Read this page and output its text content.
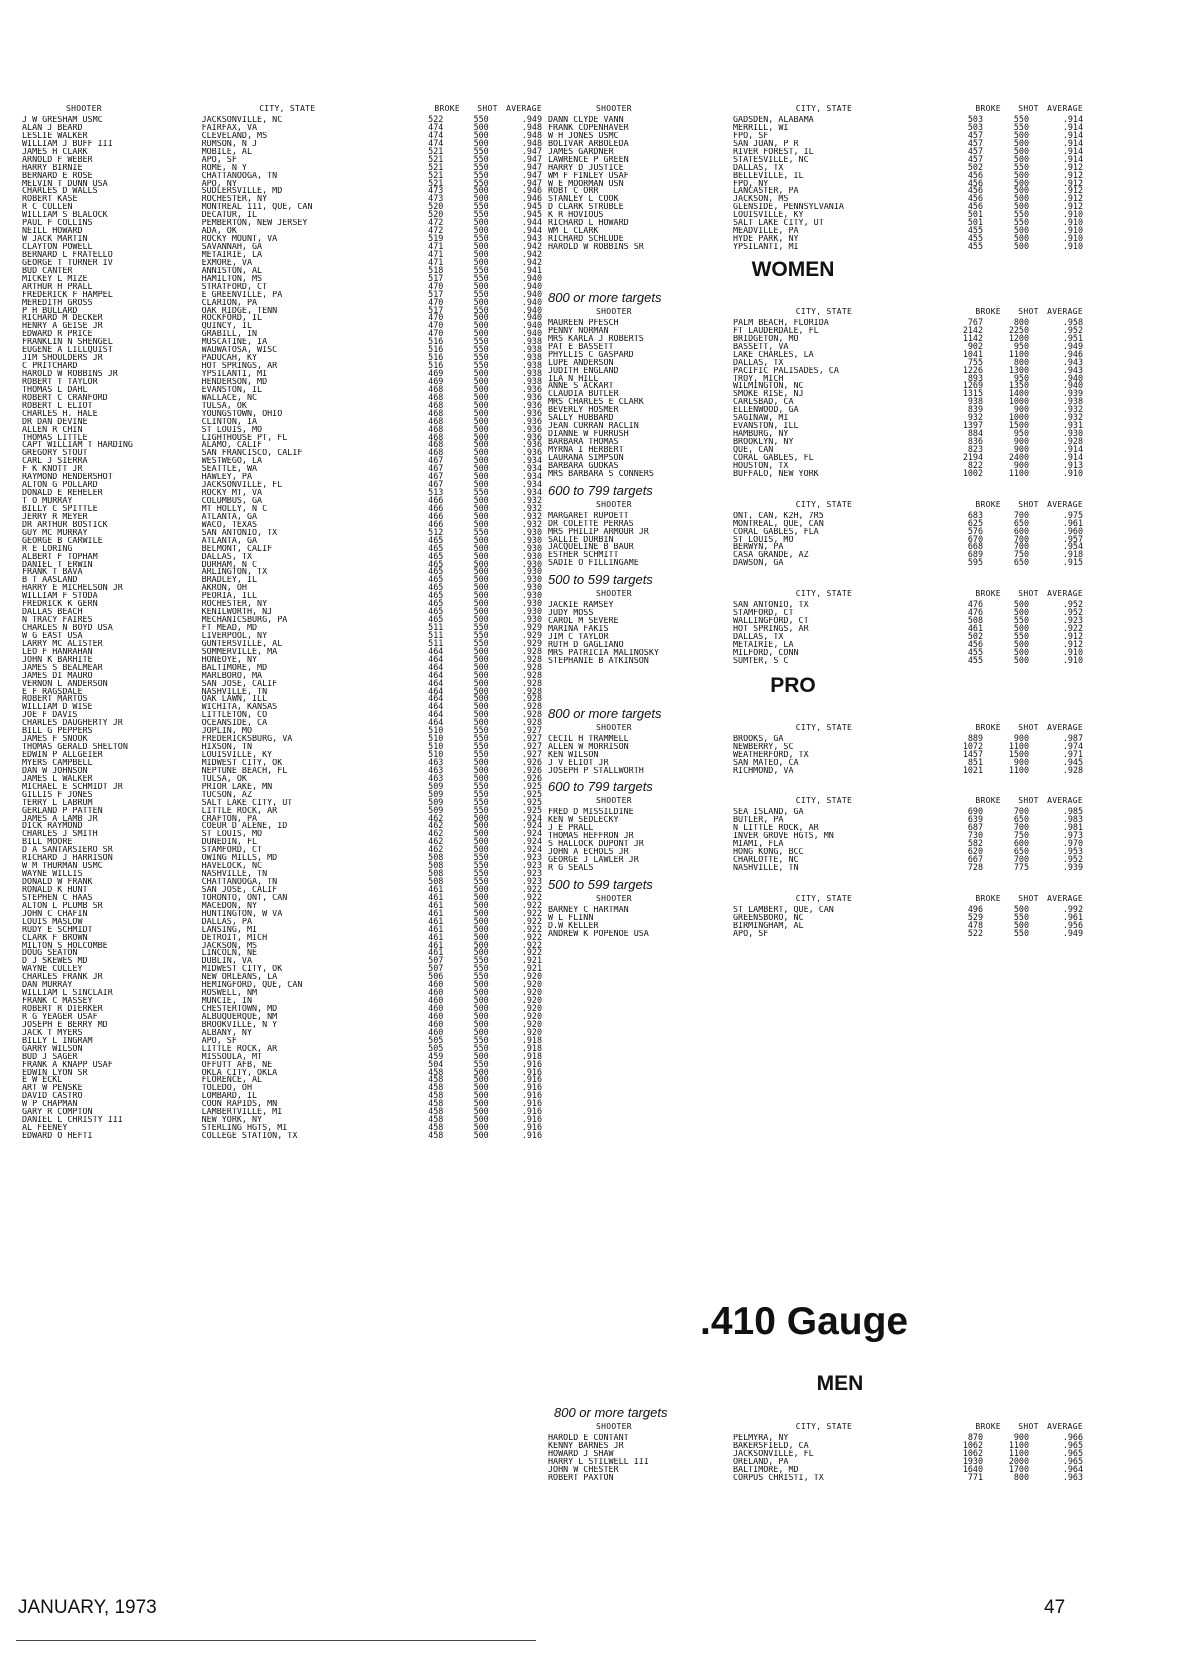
SHOOTER	CITY, STATE	BROKE	SHOT	AVERAGE
J W GRESHAM USMC	JACKSONVILLE, NC	522	550	.949
ALAN J BEARD	FAIRFAX, VA	474	500	.948
LESLIE WALKER	CLEVELAND, MS	474	500	.948
WILLIAM J BUFF III	RUMSON, N J	474	500	.948
JAMES H CLARK	MOBILE, AL	521	550	.947
ARNOLD F WEBER	APO, SF	521	550	.947
HARRY BIRNIE	ROME, N Y	521	550	.947
BERNARD E ROSE	CHATTANOOGA, TN	521	550	.947
MELVIN T DUNN USA	APO, NY	521	550	.947
CHARLES D WALLS	SUDLERSVILLE, MD	473	500	.946
ROBERT KASE	ROCHESTER, NY	473	500	.946
R C CULLEN	MONTREAL 111, QUE, CAN	520	550	.945
WILLIAM S BLALOCK	DECATUR, IL	520	550	.945
PAUL F COLLINS	PEMBERTON, NEW JERSEY	472	500	.944
NEILL HOWARD	ADA, OK	472	500	.944
W JACK MARTIN	ROCKY MOUNT, VA	519	550	.943
CLAYTON POWELL	SAVANNAH, GA	471	500	.942
BERNARD L FRATELLO	METAIRIE, LA	471	500	.942
GEORGE T TURNER IV	EXMORE, VA	471	500	.942
BUD CANTER	ANNISTON, AL	518	550	.941
MICKEY L MIZE	HAMILTON, MS	517	550	.940
ARTHUR H PRALL	STRATFORD, CT	470	500	.940
FREDERICK F HAMPEL	E GREENVILLE, PA	517	550	.940
MEREDITH GROSS	CLARION, PA	470	500	.940
P H BULLARD	OAK RIDGE, TENN	517	550	.940
RICHARD M DECKER	ROCKFORD, IL	470	500	.940
HENRY A GEISE JR	QUINCY, IL	470	500	.940
EDWARD R PRICE	GRABILL, IN	470	500	.940
FRANKLIN N SHENGEL	MUSCATINE, IA	516	550	.938
EUGENE A LILLQUIST	WAUWATOSA, WISC	516	550	.938
JIM SHOULDERS JR	PADUCAH, KY	516	550	.938
C PRITCHARD	HOT SPRINGS, AR	516	550	.938
HAROLD W ROBBINS JR	YPSILANTI, MI	469	500	.938
ROBERT T TAYLOR	HENDERSON, MD	469	500	.938
THOMAS L DAHL	EVANSTON, IL	468	500	.936
ROBERT C CRANFORD	WALLACE, NC	468	500	.936
ROBERT L ELIOT	TULSA, OK	468	500	.936
CHARLES H. HALE	YOUNGSTOWN, OHIO	468	500	.936
DR DAN DEVINE	CLINTON, IA	468	500	.936
ALLEN R CHIN	ST LOUIS, MO	468	500	.936
THOMAS LITTLE	LIGHTHOUSE PT, FL	468	500	.936
CAPT WILLIAM T HARDING	ALAMO, CALIF	468	500	.936
GREGORY STOUT	SAN FRANCISCO, CALIF	468	500	.936
CARL J SIERRA	WESTWEGO, LA	467	500	.934
F K KNOTT JR	SEATTLE, WA	467	500	.934
RAYMOND HENDERSHOT	HAWLEY, PA	467	500	.934
ALTON G POLLARD	JACKSONVILLE, FL	467	500	.934
DONALD E REHELER	ROCKY MT, VA	513	550	.934
T O MURRAY	COLUMBUS, GA	466	500	.932
BILLY C SPITTLE	MT HOLLY, N C	466	500	.932
JERRY R MEYER	ATLANTA, GA	466	500	.932
DR ARTHUR BOSTICK	WACO, TEXAS	466	500	.932
GUY MC MURRAY	SAN ANTONIO, TX	512	550	.930
GEORGE B CARWILE	ATLANTA, GA	465	500	.930
R E LORING	BELMONT, CALIF	465	500	.930
ALBERT F TOPHAM	DALLAS, TX	465	500	.930
DANIEL T ERWIN	DURHAM, N C	465	500	.930
FRANK T BAVA	ARLINGTON, TX	465	500	.930
B T AASLAND	BRADLEY, IL	465	500	.930
HARRY E MICHELSON JR	AKRON, OH	465	500	.930
WILLIAM F STODA	PEORIA, ILL	465	500	.930
FREDRICK K GERN	ROCHESTER, NY	465	500	.930
DALLAS BEACH	KENILWORTH, NJ	465	500	.930
N TRACY FAIRES	MECHANICSBURG, PA	465	500	.930
CHARLES N BOYD USA	FT MEAD, MD	511	550	.929
W G EAST USA	LIVERPOOL, NY	511	550	.929
LARRY MC ALISTER	GUNTERSVILLE, AL	511	550	.929
LEO F HANRAHAN	SOMMERVILLE, MA	464	500	.928
JOHN K BARHITE	HONEOYE, NY	464	500	.928
JAMES S BEALMEAR	BALTIMORE, MD	464	500	.928
JAMES DI MAURO	MARLBORO, MA	464	500	.928
VERNON L ANDERSON	SAN JOSE, CALIF	464	500	.928
E F RAGSDALE	NASHVILLE, TN	464	500	.928
ROBERT MARTOS	OAK LAWN, ILL	464	500	.928
WILLIAM D WISE	WICHITA, KANSAS	464	500	.928
JOE F DAVIS	LITTLETON, CO	464	500	.928
CHARLES DAUGHERTY JR	OCEANSIDE, CA	464	500	.928
BILL G PEPPERS	JOPLIN, MO	510	550	.927
JAMES F SNOOK	FREDERICKSBURG, VA	510	550	.927
THOMAS GERALD SHELTON	HIXSON, TN	510	550	.927
EDWIN P ALLGEIER	LOUISVILLE, KY	510	550	.927
MYERS CAMPBELL	MIDWEST CITY, OK	463	500	.926
DAN W JOHNSON	NEPTUNE BEACH, FL	463	500	.926
JAMES L WALKER	TULSA, OK	463	500	.926
MICHAEL E SCHMIDT JR	PRIOR LAKE, MN	509	550	.925
GILLIS F JONES	TUCSON, AZ	509	550	.925
TERRY L LABRUM	SALT LAKE CITY, UT	509	550	.925
GERLAND P PATTEN	LITTLE ROCK, AR	509	550	.925
JAMES A LAMB JR	CRAFTON, PA	462	500	.924
DICK RAYMOND	COEUR D ALENE, ID	462	500	.924
CHARLES J SMITH	ST LOUIS, MO	462	500	.924
BILL MOORE	DUNEDIN, FL	462	500	.924
D A SANTARSIERO SR	STAMFORD, CT	462	500	.924
RICHARD J HARRISON	OWING MILLS, MD	508	550	.923
W M THURMAN USMC	HAVELOCK, NC	508	550	.923
WAYNE WILLIS	NASHVILLE, TN	508	550	.923
DONALD W FRANK	CHATTANOOGA, TN	508	550	.923
RONALD K HUNT	SAN JOSE, CALIF	461	500	.922
STEPHEN C HAAS	TORONTO, ONT, CAN	461	500	.922
ALTON L PLUMB SR	MACEDON, NY	461	500	.922
JOHN C CHAFIN	HUNTINGTON, W VA	461	500	.922
LOUIS MASLOW	DALLAS, PA	461	500	.922
RUDY E SCHMIDT	LANSING, MI	461	500	.922
CLARK F BROWN	DETROIT, MICH	461	500	.922
MILTON S HOLCOMBE	JACKSON, MS	461	500	.922
DOUG SEATON	LINCOLN, NE	461	500	.922
D J SKEWES MD	DUBLIN, VA	507	550	.921
WAYNE CULLEY	MIDWEST CITY, OK	507	550	.921
CHARLES FRANK JR	NEW ORLEANS, LA	506	550	.920
DAN MURRAY	HEMINGFORD, QUE, CAN	460	500	.920
WILLIAM L SINCLAIR	ROSWELL, NM	460	500	.920
FRANK C MASSEY	MUNCIE, IN	460	500	.920
ROBERT R DIERKER	CHESTERTOWN, MD	460	500	.920
R G YEAGER USAF	ALBUQUERQUE, NM	460	500	.920
JOSEPH E BERRY MD	BROOKVILLE, N Y	460	500	.920
JACK T MYERS	ALBANY, NY	460	500	.920
BILLY L INGRAM	APO, SF	505	550	.918
GARRY WILSON	LITTLE ROCK, AR	505	550	.918
BUD J SAGER	MISSOULA, MT	459	500	.918
FRANK A KNAPP USAF	OFFUTT AFB, NE	504	550	.916
EDWIN LYON SR	OKLA CITY, OKLA	458	500	.916
E W ECKL	FLORENCE, AL	458	500	.916
ART W PENSKE	TOLEDO, OH	458	500	.916
DAVID CASTRO	LOMBARD, IL	458	500	.916
W P CHAPMAN	COON RAPIDS, MN	458	500	.916
GARY R COMPTON	LAMBERTVILLE, MI	458	500	.916
DANIEL L CHRISTY III	NEW YORK, NY	458	500	.916
AL FEENEY	STERLING HGTS, MI	458	500	.916
EDWARD O HEFTI	COLLEGE STATION, TX	458	500	.916
SHOOTER	CITY, STATE	BROKE	SHOT	AVERAGE
DANN CLYDE VANN	GADSDEN, ALABAMA	503	550	.914
FRANK COPENHAVER	MERRILL, WI	503	550	.914
W H JONES USMC	FPO, SF	457	500	.914
BOLIVAR ARBOLEDA	SAN JUAN, P R	457	500	.914
JAMES GARDNER	RIVER FOREST, IL	457	500	.914
LAWRENCE P GREEN	STATESVILLE, NC	457	500	.914
HARRY D JUSTICE	DALLAS, TX	502	550	.912
WM F FINLEY USAF	BELLEVILLE, IL	456	500	.912
W E MOORMAN USN	FPO, NY	456	500	.912
ROBT C ORR	LANCASTER, PA	456	500	.912
STANLEY L COOK	JACKSON, MS	456	500	.912
D CLARK STRUBLE	GLENSIDE, PENNSYLVANIA	456	500	.912
K R HOVIOUS	LOUISVILLE, KY	501	550	.910
RICHARD L HOWARD	SALT LAKE CITY, UT	501	550	.910
WM L CLARK	MEADVILLE, PA	455	500	.910
RICHARD SCHLUDE	HYDE PARK, NY	455	500	.910
HAROLD W ROBBINS SR	YPSILANTI, MI	455	500	.910
WOMEN
800 or more targets
SHOOTER	CITY, STATE	BROKE	SHOT	AVERAGE
MAUREEN PFESCH	PALM BEACH, FLORIDA	767	800	.958
PENNY NORMAN	FT LAUDERDALE, FL	2142	2250	.952
MRS KARLA J ROBERTS	BRIDGETON, MO	1142	1200	.951
PAT E BASSETT	BASSETT, VA	902	950	.949
PHYLLIS C GASPARD	LAKE CHARLES, LA	1041	1100	.946
LUPE ANDERSON	DALLAS, TX	755	800	.943
JUDITH ENGLAND	PACIFIC PALISADES, CA	1226	1300	.943
ILA N HILL	TROY, MICH	893	950	.940
ANNE S ACKART	WILMINGTON, NC	1269	1350	.940
CLAUDIA BUTLER	SMOKE RISE, NJ	1315	1400	.939
MRS CHARLES E CLARK	CARLSBAD, CA	938	1000	.938
BEVERLY HOSMER	ELLENWOOD, GA	839	900	.932
SALLY HUBBARD	SAGINAW, MI	932	1000	.932
JEAN CURRAN RACLIN	EVANSTON, ILL	1397	1500	.931
DIANNE W FURRUSH	HAMBURG, NY	884	950	.930
BARBARA THOMAS	BROOKLYN, NY	836	900	.928
MYRNA I HERBERT	QUE, CAN	823	900	.914
LAURANA SIMPSON	CORAL GABLES, FL	2194	2400	.914
BARBARA GUOKAS	HOUSTON, TX	822	900	.913
MRS BARBARA S CONNERS	BUFFALO, NEW YORK	1002	1100	.910
600 to 799 targets
SHOOTER	CITY, STATE	BROKE	SHOT	AVERAGE
MARGARET RUPOETT	ONT, CAN, K2H, 7R5	683	700	.975
DR COLETTE PERRAS	MONTREAL, QUE, CAN	625	650	.961
MRS PHILIP ARMOUR JR	CORAL GABLES, FLA	576	600	.960
SALLIE DURBIN	ST LOUIS, MO	670	700	.957
JACQUELINE B BAUR	BERWYN, PA	668	700	.954
ESTHER SCHMITT	CASA GRANDE, AZ	689	750	.918
SADIE O FILLINGAME	DAWSON, GA	595	650	.915
500 to 599 targets
SHOOTER	CITY, STATE	BROKE	SHOT	AVERAGE
JACKIE RAMSEY	SAN ANTONIO, TX	476	500	.952
JUDY MOSS	STAMFORD, CT	476	500	.952
CAROL M SEVERE	WALLINGFORD, CT	508	550	.923
MARINA FAKIS	HOT SPRINGS, AR	461	500	.922
JIM C TAYLOR	DALLAS, TX	502	550	.912
RUTH D GAGLIANO	METAIRIE, LA	456	500	.912
MRS PATRICIA MALINOSKY	MILFORD, CONN	455	500	.910
STEPHANIE B ATKINSON	SUMTER, S C	455	500	.910
PRO
800 or more targets
SHOOTER	CITY, STATE	BROKE	SHOT	AVERAGE
CECIL H TRAMMELL	BROOKS, GA	889	900	.987
ALLEN W MORRISON	NEWBERRY, SC	1072	1100	.974
KEN WILSON	WEATHERFORD, TX	1457	1500	.971
J V ELIOT JR	SAN MATEO, CA	851	900	.945
JOSEPH P STALLWORTH	RICHMOND, VA	1021	1100	.928
600 to 799 targets
SHOOTER	CITY, STATE	BROKE	SHOT	AVERAGE
FRED D MISSILDINE	SEA ISLAND, GA	690	700	.985
KEN W SEDLECKY	BUTLER, PA	639	650	.983
J E PRALL	N LITTLE ROCK, AR	687	700	.981
THOMAS HEFFRON JR	INVER GROVE HGTS, MN	730	750	.973
S HALLOCK DUPONT JR	MIAMI, FLA	582	600	.970
JOHN A ECHOLS JR	HONG KONG, BCC	620	650	.953
GEORGE J LAWLER JR	CHARLOTTE, NC	667	700	.952
R G SEALS	NASHVILLE, TN	728	775	.939
500 to 599 targets
SHOOTER	CITY, STATE	BROKE	SHOT	AVERAGE
BARNEY C HARTMAN	ST LAMBERT, QUE, CAN	496	500	.992
W L FLINN	GREENSBORO, NC	529	550	.961
D.W KELLER	BIRMINGHAM, AL	478	500	.956
ANDREW K POPENOE USA	APO, SF	522	550	.949
.410 Gauge
MEN
800 or more targets
SHOOTER	CITY, STATE	BROKE	SHOT	AVERAGE
HAROLD E CONTANT	PELMYRA, NY	870	900	.966
KENNY BARNES JR	BAKERSFIELD, CA	1062	1100	.965
HOWARD J SHAW	JACKSONVILLE, FL	1062	1100	.965
HARRY L STILWELL III	ORELAND, PA	1930	2000	.965
JOHN W CHESTER	BALTIMORE, MD	1640	1700	.964
ROBERT PAXTON	CORPUS CHRISTI, TX	771	800	.963
JANUARY, 1973	47
